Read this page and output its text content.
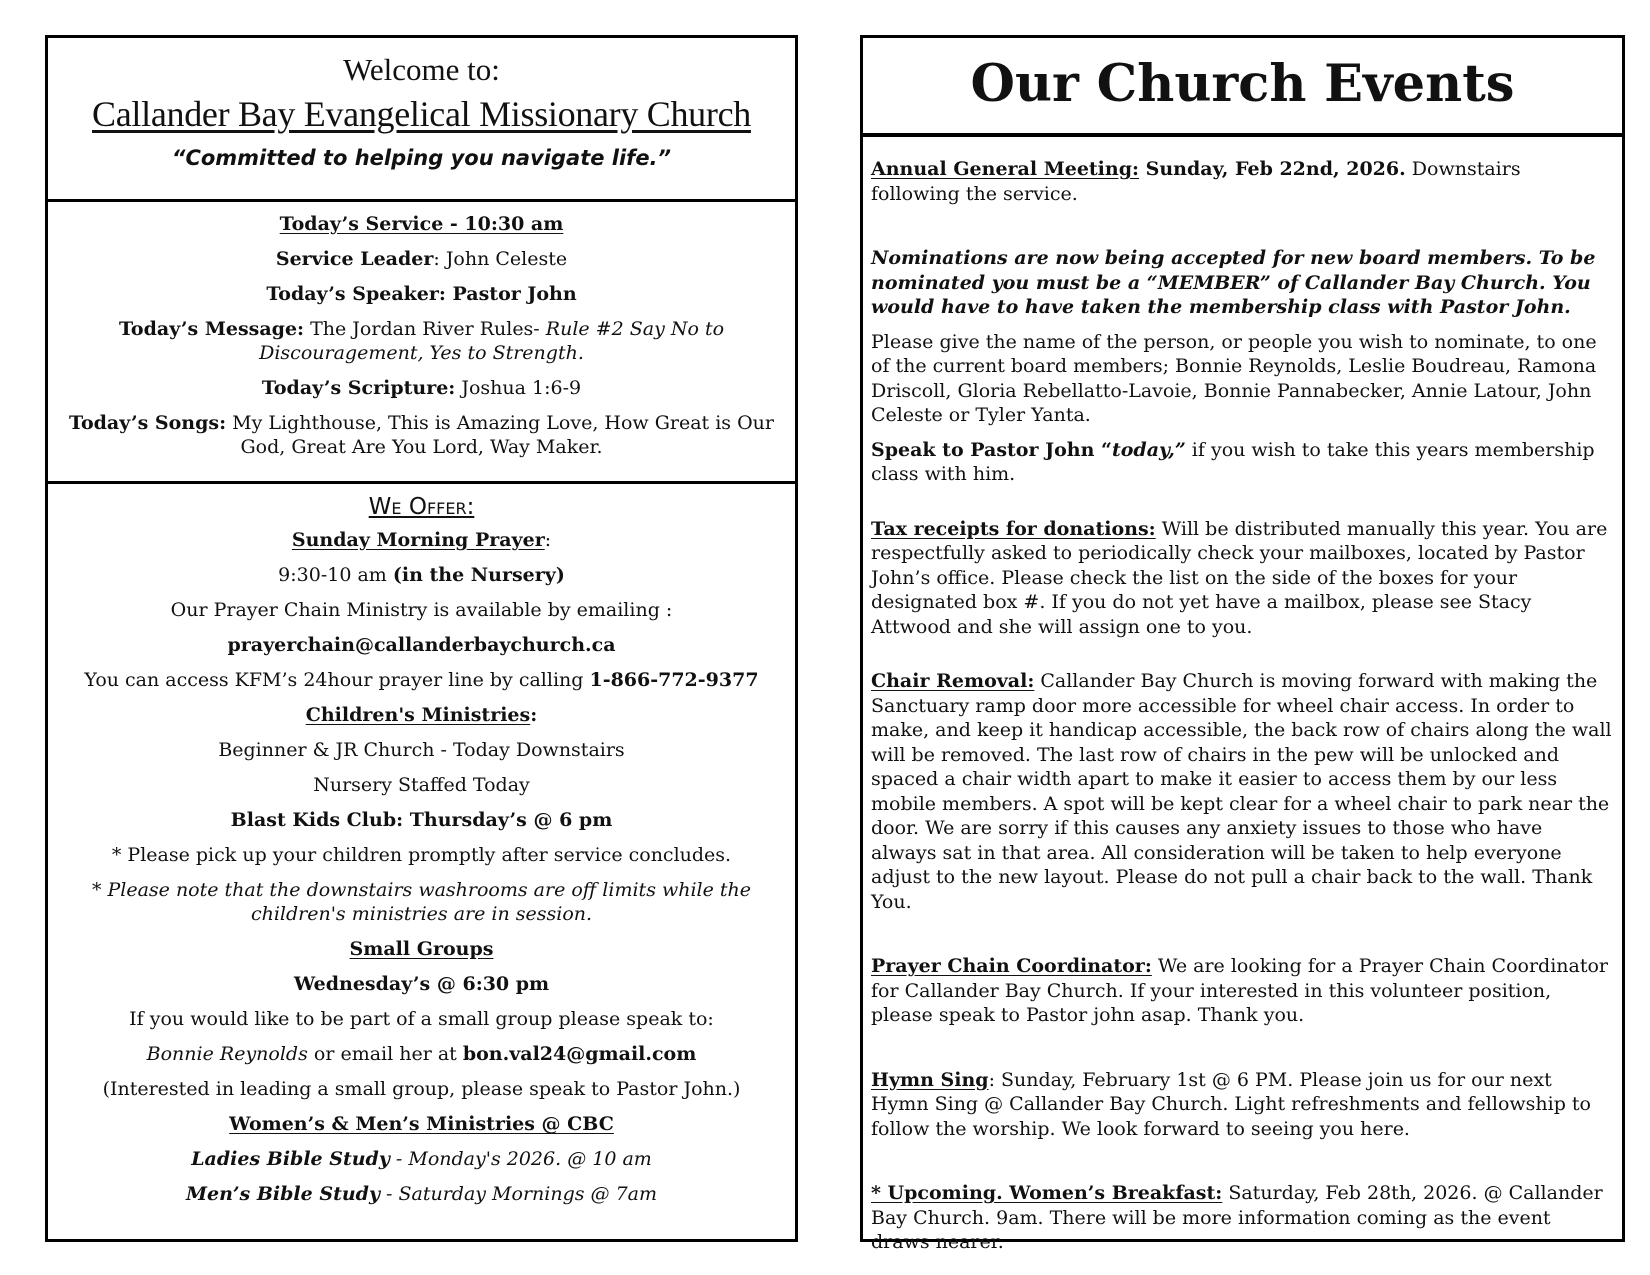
Welcome to:
Callander Bay Evangelical Missionary Church
“Committed to helping you navigate life.”
Today’s Service - 10:30 am
Service Leader: John Celeste
Today’s Speaker: Pastor John
Today’s Message: The Jordan River Rules- Rule #2 Say No to Discouragement, Yes to Strength.
Today’s Scripture: Joshua 1:6-9
Today’s Songs: My Lighthouse, This is Amazing Love, How Great is Our God, Great Are You Lord, Way Maker.
We Offer:
Sunday Morning Prayer:
9:30-10 am (in the Nursery)
Our Prayer Chain Ministry is available by emailing :
prayerchain@callanderbaychurch.ca
You can access KFM’s 24hour prayer line by calling 1-866-772-9377
Children's Ministries:
Beginner & JR Church - Today Downstairs
Nursery Staffed Today
Blast Kids Club: Thursday’s @ 6 pm
* Please pick up your children promptly after service concludes.
* Please note that the downstairs washrooms are off limits while the children's ministries are in session.
Small Groups
Wednesday’s @ 6:30 pm
If you would like to be part of a small group please speak to:
Bonnie Reynolds or email her at bon.val24@gmail.com
(Interested in leading a small group, please speak to Pastor John.)
Women’s & Men’s Ministries @ CBC
Ladies Bible Study - Monday's 2026. @ 10 am
Men’s Bible Study - Saturday Mornings @ 7am
Our Church Events

Annual General Meeting: Sunday, Feb 22nd, 2026. Downstairs following the service.

Nominations are now being accepted for new board members. To be nominated you must be a “MEMBER” of Callander Bay Church. You would have to have taken the membership class with Pastor John.

Please give the name of the person, or people you wish to nominate, to one of the current board members; Bonnie Reynolds, Leslie Boudreau, Ramona Driscoll, Gloria Rebellatto-Lavoie, Bonnie Pannabecker, Annie Latour, John Celeste or Tyler Yanta.

Speak to Pastor John “today,” if you wish to take this years membership class with him.

Tax receipts for donations: Will be distributed manually this year. You are respectfully asked to periodically check your mailboxes, located by Pastor John’s office. Please check the list on the side of the boxes for your designated box #. If you do not yet have a mailbox, please see Stacy Attwood and she will assign one to you.

Chair Removal: Callander Bay Church is moving forward with making the Sanctuary ramp door more accessible for wheel chair access. In order to make, and keep it handicap accessible, the back row of chairs along the wall will be removed. The last row of chairs in the pew will be unlocked and spaced a chair width apart to make it easier to access them by our less mobile members. A spot will be kept clear for a wheel chair to park near the door. We are sorry if this causes any anxiety issues to those who have always sat in that area. All consideration will be taken to help everyone adjust to the new layout. Please do not pull a chair back to the wall. Thank You.

Prayer Chain Coordinator: We are looking for a Prayer Chain Coordinator for Callander Bay Church. If your interested in this volunteer position, please speak to Pastor john asap. Thank you.

Hymn Sing: Sunday, February 1st @ 6 PM. Please join us for our next Hymn Sing @ Callander Bay Church. Light refreshments and fellowship to follow the worship. We look forward to seeing you here.

* Upcoming. Women’s Breakfast: Saturday, Feb 28th, 2026. @ Callander Bay Church. 9am. There will be more information coming as the event draws nearer.
